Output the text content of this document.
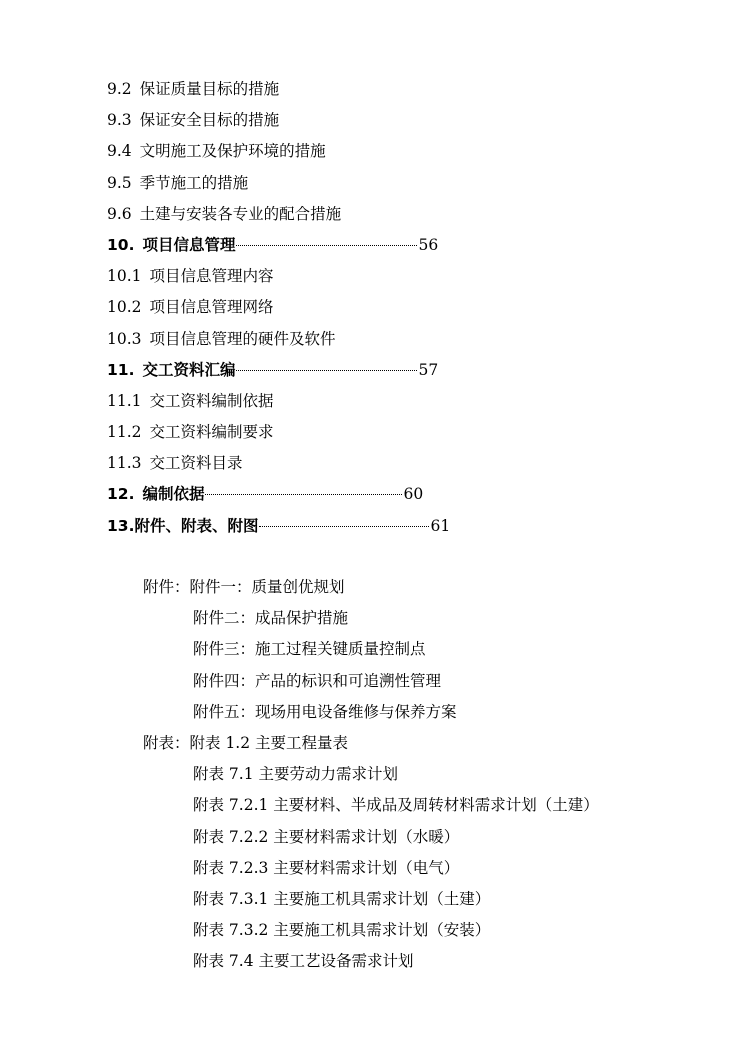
9.2 保证质量目标的措施
9.3 保证安全目标的措施
9.4 文明施工及保护环境的措施
9.5 季节施工的措施
9.6 土建与安装各专业的配合措施
10. 项目信息管理	56
10.1 项目信息管理内容
10.2 项目信息管理网络
10.3 项目信息管理的硬件及软件
11. 交工资料汇编	57
11.1 交工资料编制依据
11.2 交工资料编制要求
11.3 交工资料目录
12. 编制依据	60
13. 附件、附表、附图	61
附件：附件一：质量创优规划
附件二：成品保护措施
附件三：施工过程关键质量控制点
附件四：产品的标识和可追溯性管理
附件五：现场用电设备维修与保养方案
附表：附表 1.2 主要工程量表
附表 7.1 主要劳动力需求计划
附表 7.2.1 主要材料、半成品及周转材料需求计划（土建）
附表 7.2.2 主要材料需求计划（水暖）
附表 7.2.3 主要材料需求计划（电气）
附表 7.3.1 主要施工机具需求计划（土建）
附表 7.3.2 主要施工机具需求计划（安装）
附表 7.4 主要工艺设备需求计划
